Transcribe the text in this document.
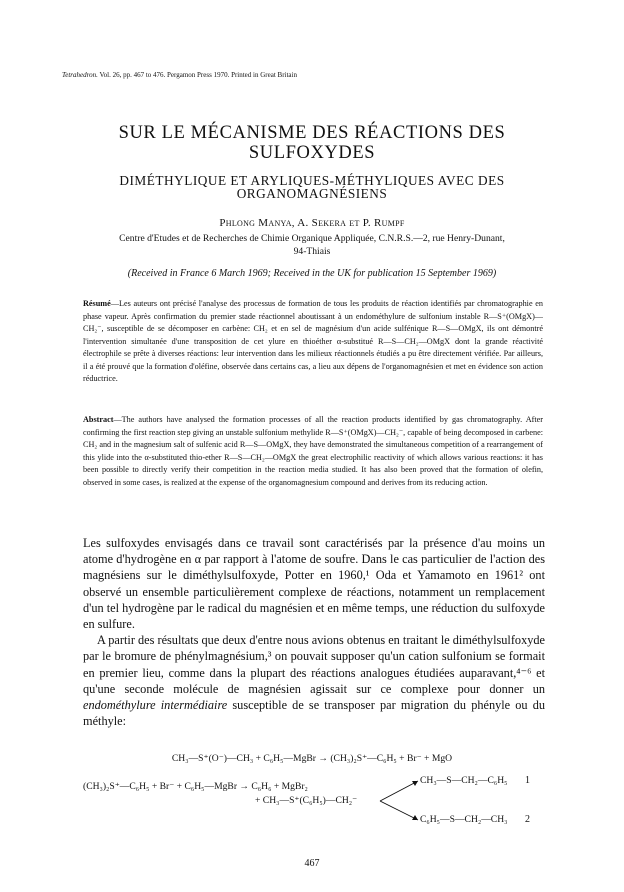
Tetrahedron. Vol. 26, pp. 467 to 476. Pergamon Press 1970. Printed in Great Britain
SUR LE MÉCANISME DES RÉACTIONS DES
SULFOXYDES
DIMÉTHYLIQUE ET ARYLIQUES-MÉTHYLIQUES AVEC DES
ORGANOMAGNÉSIENS
Phlong Manya, A. Sekera et P. Rumpf
Centre d'Etudes et de Recherches de Chimie Organique Appliquée, C.N.R.S.—2, rue Henry-Dunant,
94-Thiais
(Received in France 6 March 1969; Received in the UK for publication 15 September 1969)
Résumé—Les auteurs ont précisé l'analyse des processus de formation de tous les produits de réaction identifiés par chromatographie en phase vapeur. Après confirmation du premier stade réactionnel aboutissant à un endométhylure de sulfonium instable R—S⁺(OMgX)—CH₂⁻, susceptible de se décomposer en carbène: CH₂ et en sel de magnésium d'un acide sulfénique R—S—OMgX, ils ont démontré l'intervention simultanée d'une transposition de cet ylure en thioéther α-substitué R—S—CH₂—OMgX dont la grande réactivité électrophile se prête à diverses réactions: leur intervention dans les milieux réactionnels étudiés a pu être directement vérifiée. Par ailleurs, il a été prouvé que la formation d'oléfine, observée dans certains cas, a lieu aux dépens de l'organomagnésien et met en évidence son action réductrice.
Abstract—The authors have analysed the formation processes of all the reaction products identified by gas chromatography. After confirming the first reaction step giving an unstable sulfonium methylide R—S⁺(OMgX)—CH₂⁻, capable of being decomposed in carbene: CH₂ and in the magnesium salt of sulfenic acid R—S—OMgX, they have demonstrated the simultaneous competition of a rearrangement of this ylide into the α-substituted thio-ether R—S—CH₂—OMgX the great electrophilic reactivity of which allows various reactions: it has been possible to directly verify their competition in the reaction media studied. It has also been proved that the formation of olefin, observed in some cases, is realized at the expense of the organomagnesium compound and derives from its reducing action.

Les sulfoxydes envisagés dans ce travail sont caractérisés par la présence d'au moins un atome d'hydrogène en α par rapport à l'atome de soufre. Dans le cas particulier de l'action des magnésiens sur le diméthylsulfoxyde, Potter en 1960,¹ Oda et Yamamoto en 1961² ont observé un ensemble particulièrement complexe de réactions, notamment un remplacement d'un tel hydrogène par le radical du magnésien et en même temps, une réduction du sulfoxyde en sulfure.

A partir des résultats que deux d'entre nous avions obtenus en traitant le diméthylsulfoxyde par le bromure de phénylmagnésium,³ on pouvait supposer qu'un cation sulfonium se formait en premier lieu, comme dans la plupart des réactions analogues étudiées auparavant,⁴⁻⁶ et qu'une seconde molécule de magnésien agissait sur ce complexe pour donner un endométhylure intermédiaire susceptible de se transposer par migration du phényle ou du méthyle:

CH₃—S⁺(O⁻)—CH₃ + C₆H₅—MgBr → (CH₃)₂S⁺—C₆H₅ + Br⁻ + MgO
(CH₃)₂S⁺—C₆H₅ + Br⁻ + C₆H₅—MgBr → C₆H₆ + MgBr₂
CH₃—S—CH₂—C₆H₅
+ CH₃—S⁺(C₆H₅)—CH₂⁻
C₆H₅—S—CH₂—CH₃
1
2
467
